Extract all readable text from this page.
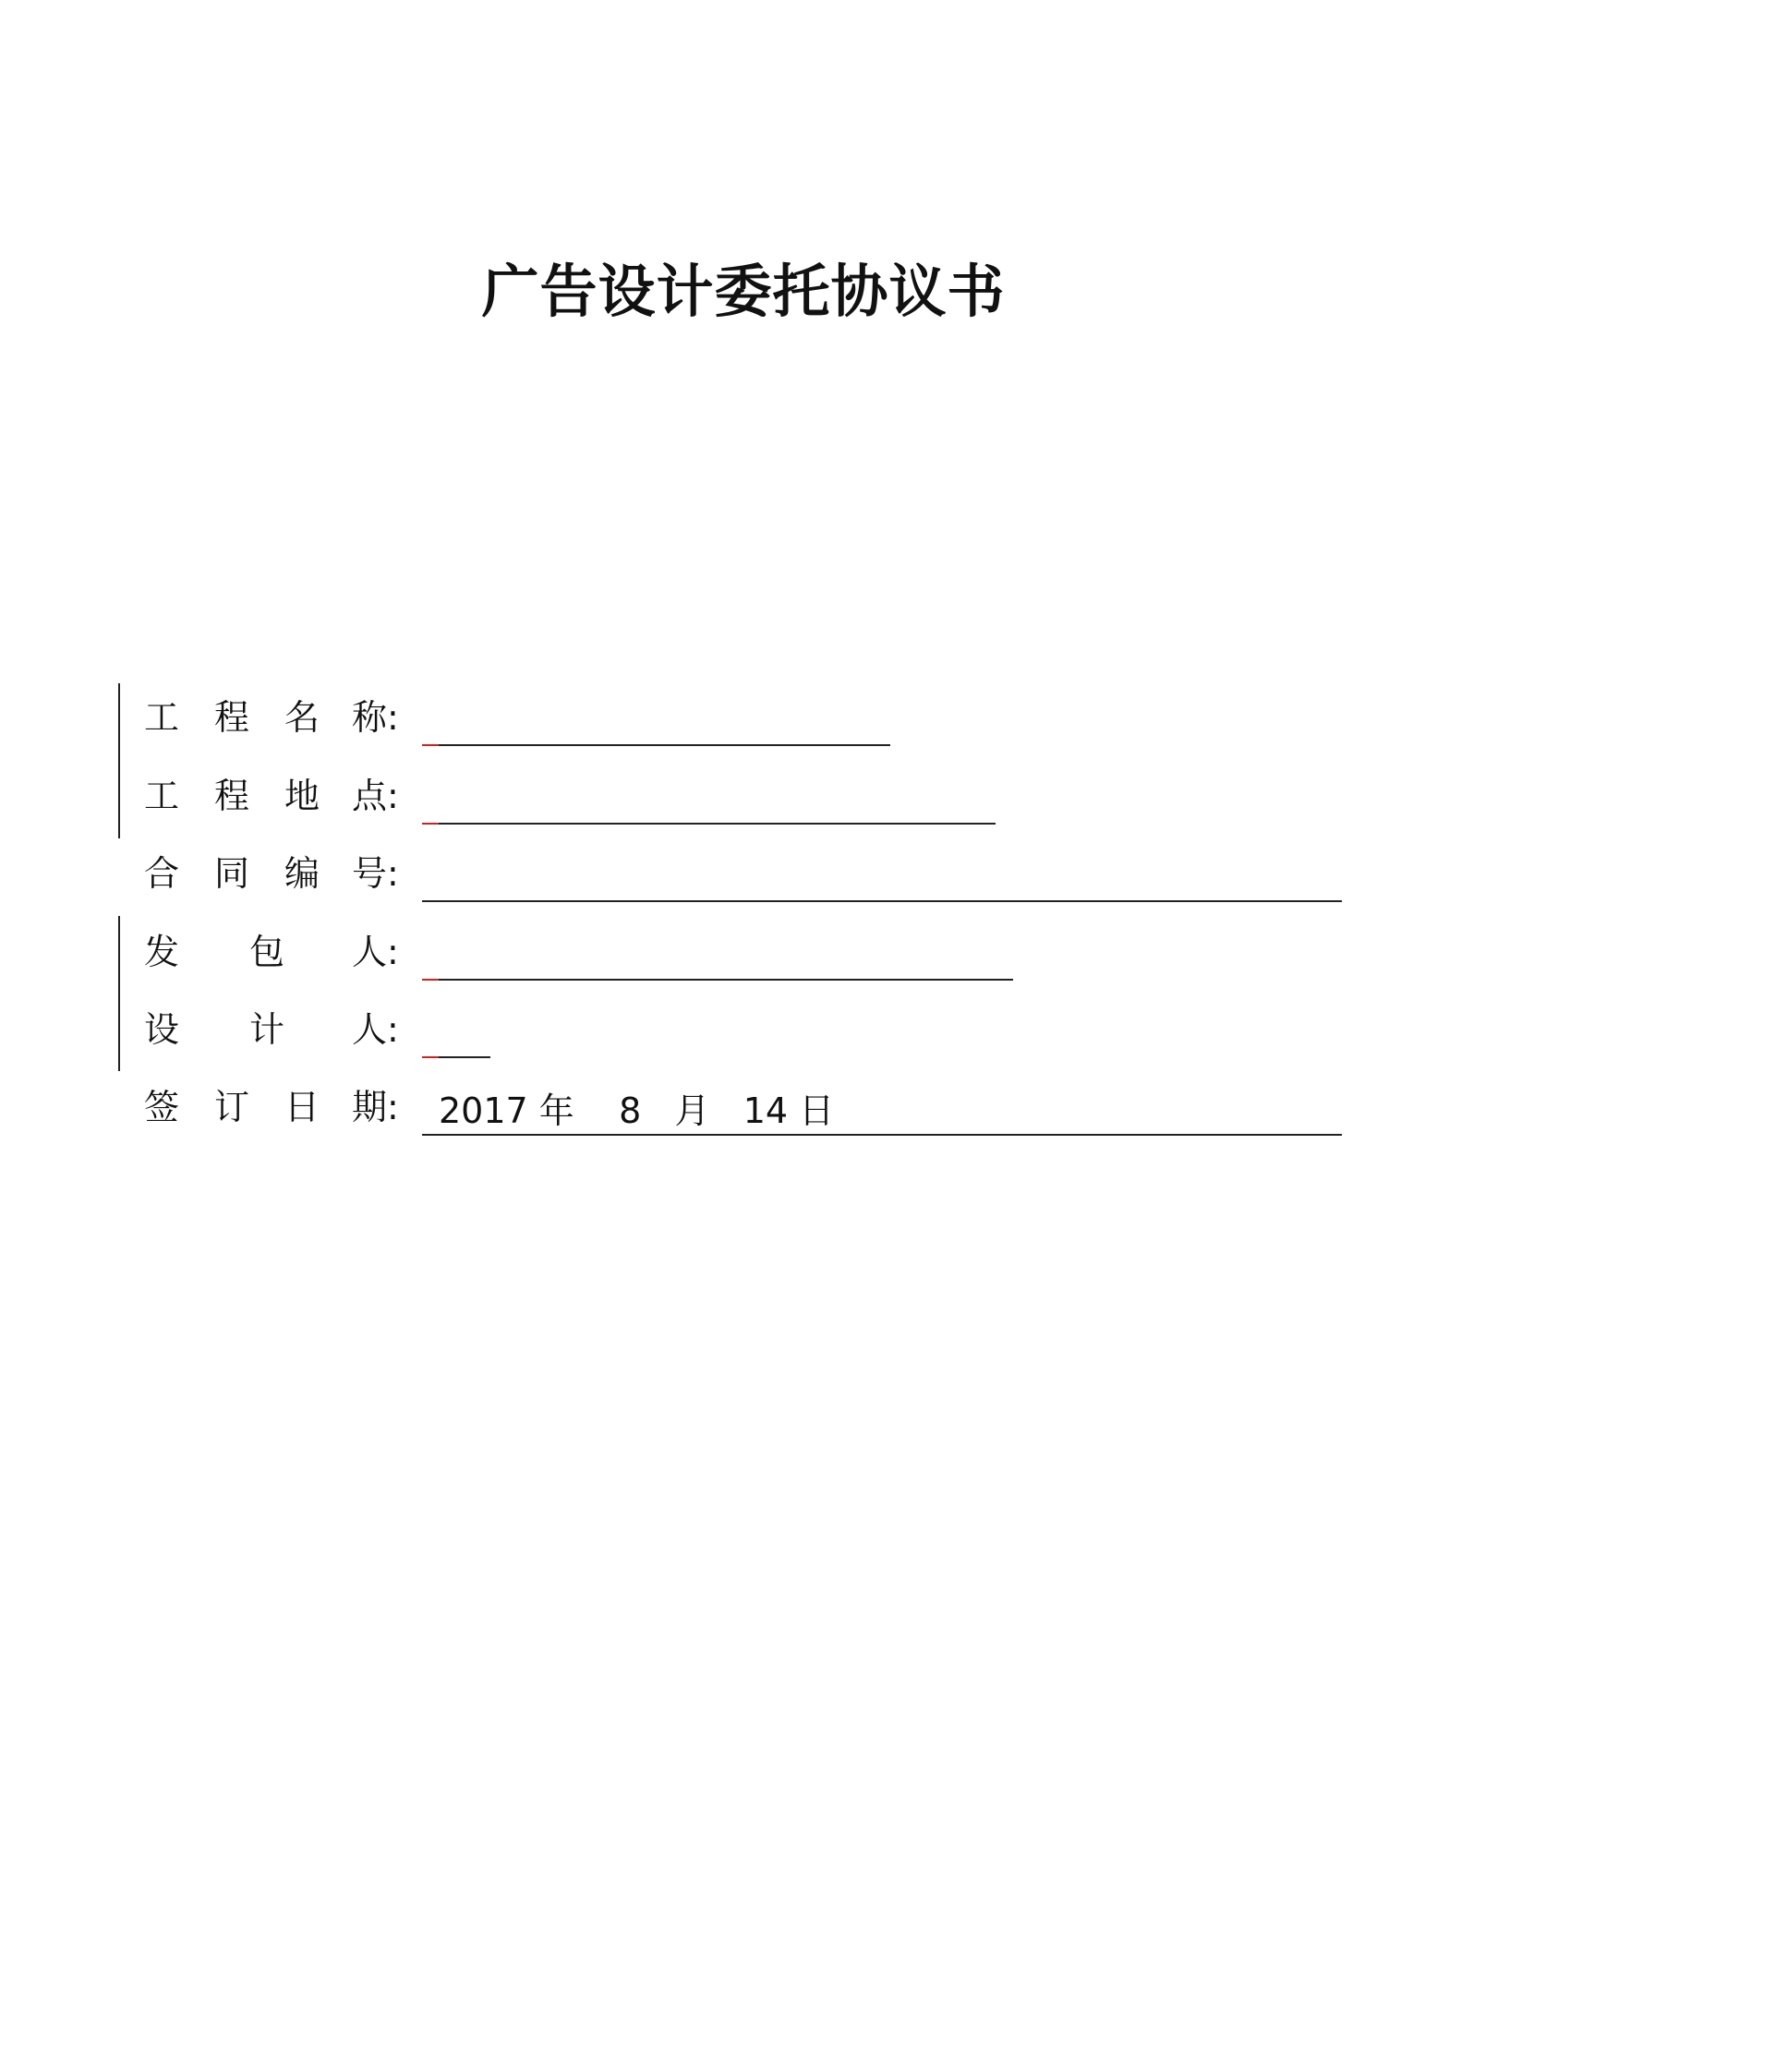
广告设计委托协议书
工 程 名 称:
工 程 地 点:
合 同 编 号:
发 包 人:
设 计 人:
签 订 日 期:	2017 年    8   月   14 日
